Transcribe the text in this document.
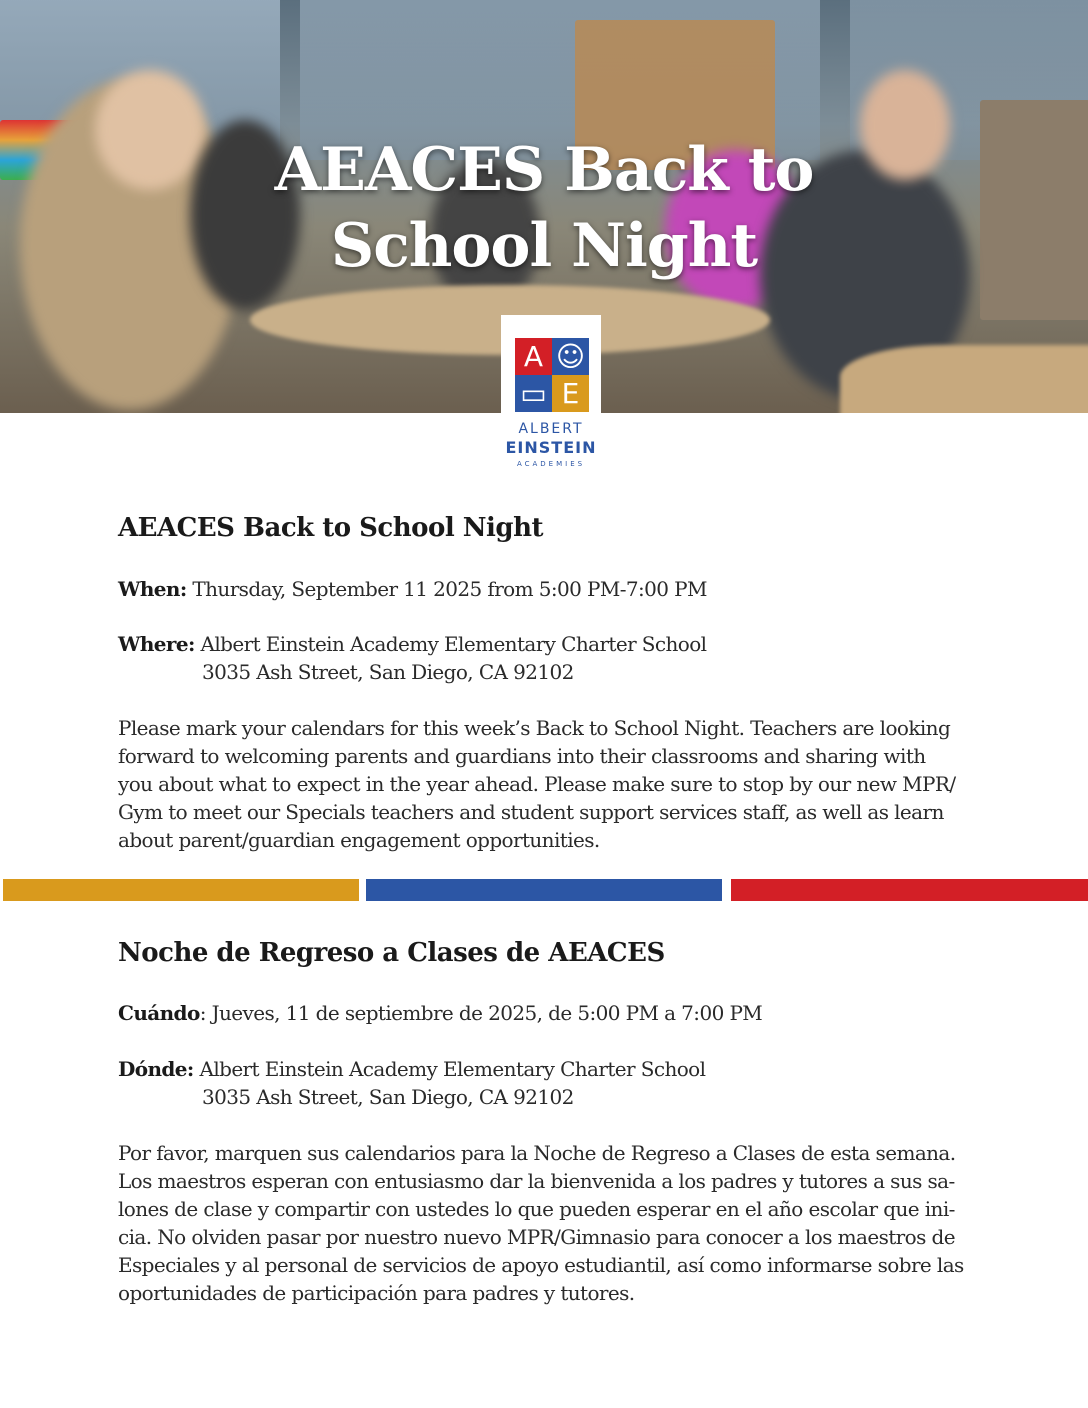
AEACES Back to
School Night
A ☺
▭ E
ALBERT
EINSTEIN
ACADEMIES
AEACES Back to School Night
When: Thursday, September 11 2025 from 5:00 PM-7:00 PM
Where: Albert Einstein Academy Elementary Charter School
3035 Ash Street, San Diego, CA 92102
Please mark your calendars for this week’s Back to School Night. Teachers are looking
forward to welcoming parents and guardians into their classrooms and sharing with
you about what to expect in the year ahead. Please make sure to stop by our new MPR/
Gym to meet our Specials teachers and student support services staff, as well as learn
about parent/guardian engagement opportunities.
Noche de Regreso a Clases de AEACES
Cuándo: Jueves, 11 de septiembre de 2025, de 5:00 PM a 7:00 PM
Dónde: Albert Einstein Academy Elementary Charter School
3035 Ash Street, San Diego, CA 92102
Por favor, marquen sus calendarios para la Noche de Regreso a Clases de esta semana.
Los maestros esperan con entusiasmo dar la bienvenida a los padres y tutores a sus sa-
lones de clase y compartir con ustedes lo que pueden esperar en el año escolar que ini-
cia. No olviden pasar por nuestro nuevo MPR/Gimnasio para conocer a los maestros de
Especiales y al personal de servicios de apoyo estudiantil, así como informarse sobre las
oportunidades de participación para padres y tutores.
